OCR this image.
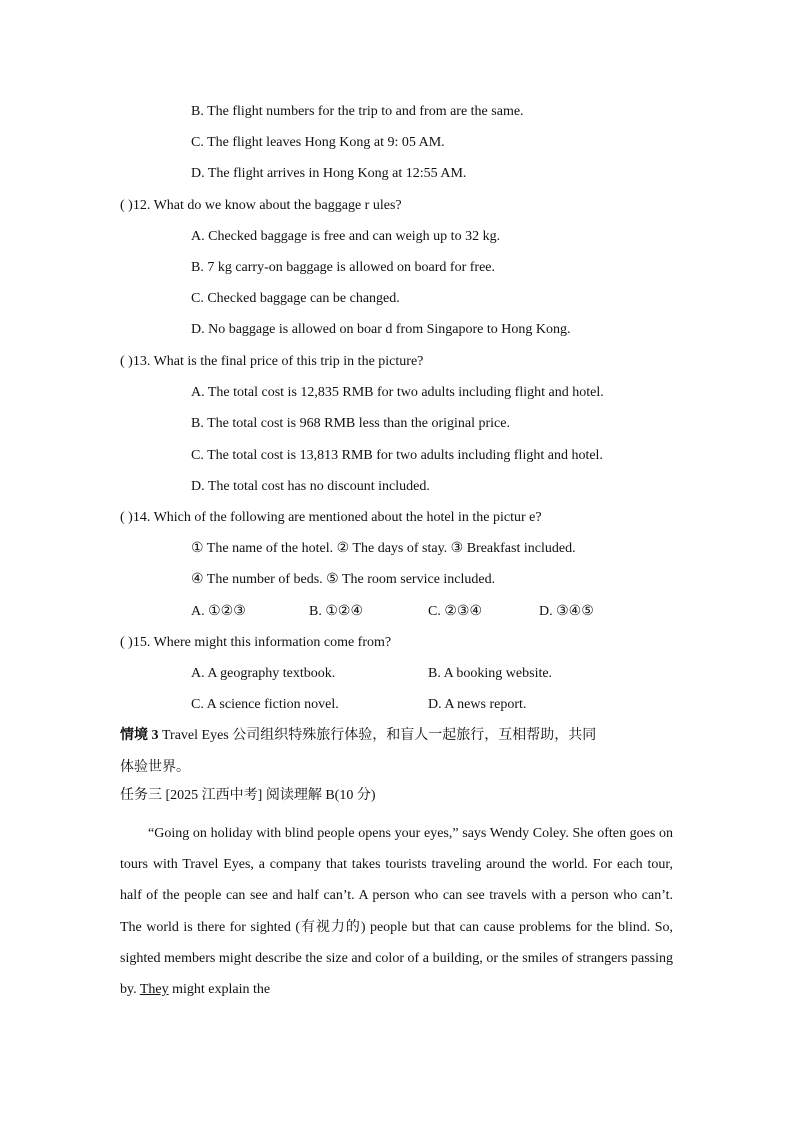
B. The flight numbers for the trip to and from are the same.
C. The flight leaves Hong Kong at 9: 05 AM.
D. The flight arrives in Hong Kong at 12:55 AM.
( )12. What do we know about the baggage r ules?
A. Checked baggage is free and can weigh up to 32 kg.
B. 7 kg carry-on baggage is allowed on board for free.
C. Checked baggage can be changed.
D. No baggage is allowed on boar d from Singapore to Hong Kong.
( )13. What is the final price of this trip in the picture?
A. The total cost is 12,835 RMB for two adults including flight and hotel.
B. The total cost is 968 RMB less than the original price.
C. The total cost is 13,813 RMB for two adults including flight and hotel.
D. The total cost has no discount included.
( )14. Which of the following are mentioned about the hotel in the pictur e?
① The name of the hotel. ② The days of stay. ③ Breakfast included.
④ The number of beds. ⑤ The room service included.
A. ①②③	B. ①②④	C. ②③④	D. ③④⑤
( )15. Where might this information come from?
A. A geography textbook.	B. A booking website.
C. A science fiction novel.	D. A news report.
情境 3 Travel Eyes 公司组织特殊旅行体验，和盲人一起旅行，互相帮助，共同
体验世界。
任务三 [2025 江西中考] 阅读理解 B(10 分)

“Going on holiday with blind people opens your eyes,” says Wendy Coley. She often goes on tours with Travel Eyes, a company that takes tourists traveling around the world. For each tour, half of the people can see and half can’t. A person who can see travels with a person who can’t. The world is there for sighted (有视力的) people but that can cause problems for the blind. So, sighted members might describe the size and color of a building, or the smiles of strangers passing by. They might explain the
